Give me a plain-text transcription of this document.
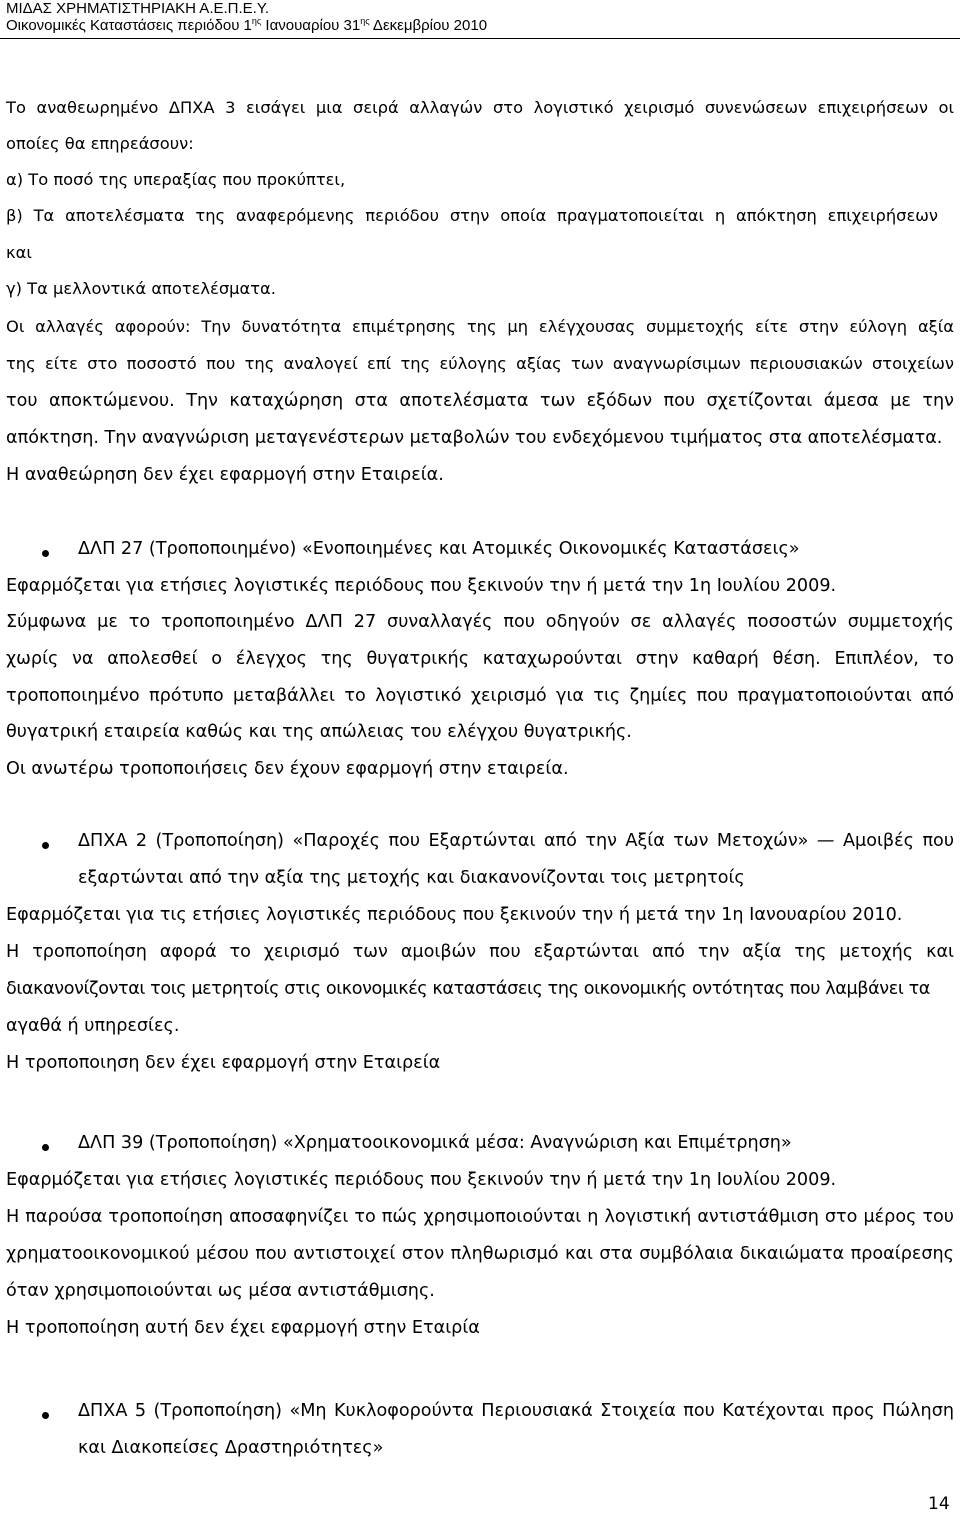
ΜΙΔΑΣ ΧΡΗΜΑΤΙΣΤΗΡΙΑΚΗ Α.Ε.Π.Ε.Υ.
Οικονομικές Καταστάσεις περιόδου $1^{\eta\varsigma}$ Ιανουαρίου $31^{\eta\varsigma}$ Δεκεμβρίου 2010
Το αναθεωρημένο ΔΠΧΑ 3 εισάγει μια σειρά αλλαγών στο λογιστικό χειρισμό συνενώσεων επιχειρήσεων οι
οποίες θα επηρεάσουν:
α) Το ποσό της υπεραξίας που προκύπτει,
β) Τα αποτελέσματα της αναφερόμενης περιόδου στην οποία πραγματοποιείται η απόκτηση επιχειρήσεων
και
γ) Τα μελλοντικά αποτελέσματα.
Οι αλλαγές αφορούν: Την δυνατότητα επιμέτρησης της μη ελέγχουσας συμμετοχής είτε στην εύλογη αξία
της είτε στο ποσοστό που της αναλογεί επί της εύλογης αξίας των αναγνωρίσιμων περιουσιακών στοιχείων
του αποκτώμενου. Την καταχώρηση στα αποτελέσματα των εξόδων που σχετίζονται άμεσα με την
απόκτηση. Την αναγνώριση μεταγενέστερων μεταβολών του ενδεχόμενου τιμήματος στα αποτελέσματα.
Η αναθεώρηση δεν έχει εφαρμογή στην Εταιρεία.
ΔΛΠ 27 (Τροποποιημένο) «Ενοποιημένες και Ατομικές Οικονομικές Καταστάσεις»
Εφαρμόζεται για ετήσιες λογιστικές περιόδους που ξεκινούν την ή μετά την 1η Ιουλίου 2009.
Σύμφωνα με το τροποποιημένο ΔΛΠ 27 συναλλαγές που οδηγούν σε αλλαγές ποσοστών συμμετοχής
χωρίς να απολεσθεί ο έλεγχος της θυγατρικής καταχωρούνται στην καθαρή θέση. Επιπλέον, το
τροποποιημένο πρότυπο μεταβάλλει το λογιστικό χειρισμό για τις ζημίες που πραγματοποιούνται από
θυγατρική εταιρεία καθώς και της απώλειας του ελέγχου θυγατρικής.
Οι ανωτέρω τροποποιήσεις δεν έχουν εφαρμογή στην εταιρεία.
ΔΠΧΑ 2 (Τροποποίηση) «Παροχές που Εξαρτώνται από την Αξία των Μετοχών» — Αμοιβές που
εξαρτώνται από την αξία της μετοχής και διακανονίζονται τοις μετρητοίς
Εφαρμόζεται για τις ετήσιες λογιστικές περιόδους που ξεκινούν την ή μετά την 1η Ιανουαρίου 2010.
Η τροποποίηση αφορά το χειρισμό των αμοιβών που εξαρτώνται από την αξία της μετοχής και
διακανονίζονται τοις μετρητοίς στις οικονομικές καταστάσεις της οικονομικής οντότητας που λαμβάνει τα
αγαθά ή υπηρεσίες.
Η τροποποιηση δεν έχει εφαρμογή στην Εταιρεία
ΔΛΠ 39 (Τροποποίηση) «Χρηματοοικονομικά μέσα: Αναγνώριση και Επιμέτρηση»
Εφαρμόζεται για ετήσιες λογιστικές περιόδους που ξεκινούν την ή μετά την 1η Ιουλίου 2009.
Η παρούσα τροποποίηση αποσαφηνίζει το πώς χρησιμοποιούνται η λογιστική αντιστάθμιση στο μέρος του
χρηματοοικονομικού μέσου που αντιστοιχεί στον πληθωρισμό και στα συμβόλαια δικαιώματα προαίρεσης
όταν χρησιμοποιούνται ως μέσα αντιστάθμισης.
Η τροποποίηση αυτή δεν έχει εφαρμογή στην Εταιρία
ΔΠΧΑ 5 (Τροποποίηση) «Μη Κυκλοφορούντα Περιουσιακά Στοιχεία που Κατέχονται προς Πώληση
και Διακοπείσες Δραστηριότητες»
14
